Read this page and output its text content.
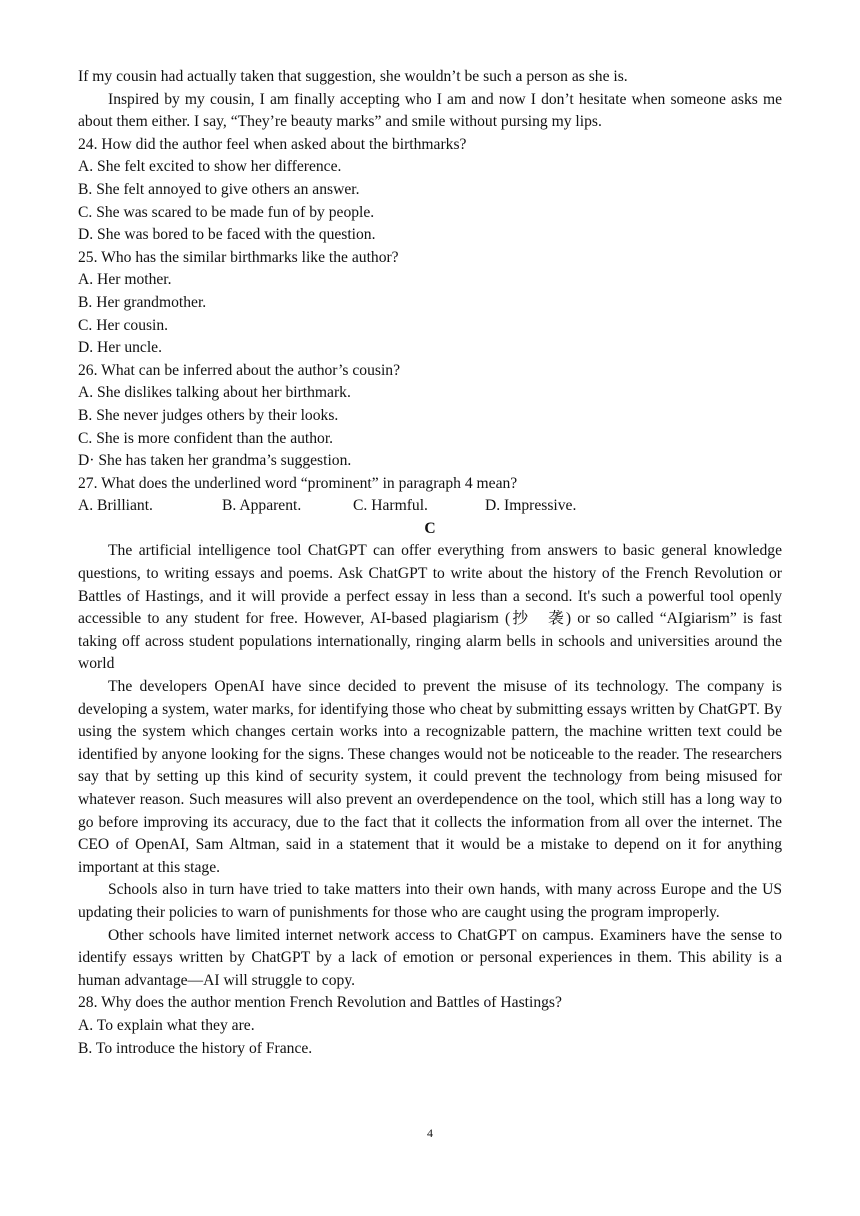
If my cousin had actually taken that suggestion, she wouldn’t be such a person as she is.

Inspired by my cousin, I am finally accepting who I am and now I don’t hesitate when someone asks me about them either. I say, “They’re beauty marks” and smile without pursing my lips.

24. How did the author feel when asked about the birthmarks?
A. She felt excited to show her difference.
B. She felt annoyed to give others an answer.
C. She was scared to be made fun of by people.
D. She was bored to be faced with the question.
25. Who has the similar birthmarks like the author?
A. Her mother.
B. Her grandmother.
C. Her cousin.
D. Her uncle.
26. What can be inferred about the author’s cousin?
A. She dislikes talking about her birthmark.
B. She never judges others by their looks.
C. She is more confident than the author.
D· She has taken her grandma’s suggestion.
27. What does the underlined word “prominent” in paragraph 4 mean?
A. Brilliant.	B. Apparent.	C. Harmful.	D. Impressive.
C

The artificial intelligence tool ChatGPT can offer everything from answers to basic general knowledge questions, to writing essays and poems. Ask ChatGPT to write about the history of the French Revolution or Battles of Hastings, and it will provide a perfect essay in less than a second. It's such a powerful tool openly accessible to any student for free. However, AI-based plagiarism (抄　袭) or so called “AIgiarism” is fast taking off across student populations internationally, ringing alarm bells in schools and universities around the world

The developers OpenAI have since decided to prevent the misuse of its technology. The company is developing a system, water marks, for identifying those who cheat by submitting essays written by ChatGPT. By using the system which changes certain works into a recognizable pattern, the machine written text could be identified by anyone looking for the signs. These changes would not be noticeable to the reader. The researchers say that by setting up this kind of security system, it could prevent the technology from being misused for whatever reason. Such measures will also prevent an overdependence on the tool, which still has a long way to go before improving its accuracy, due to the fact that it collects the information from all over the internet. The CEO of OpenAI, Sam Altman, said in a statement that it would be a mistake to depend on it for anything important at this stage.

Schools also in turn have tried to take matters into their own hands, with many across Europe and the US updating their policies to warn of punishments for those who are caught using the program improperly.

Other schools have limited internet network access to ChatGPT on campus. Examiners have the sense to identify essays written by ChatGPT by a lack of emotion or personal experiences in them. This ability is a human advantage—AI will struggle to copy.

28. Why does the author mention French Revolution and Battles of Hastings?
A. To explain what they are.
B. To introduce the history of France.
4
